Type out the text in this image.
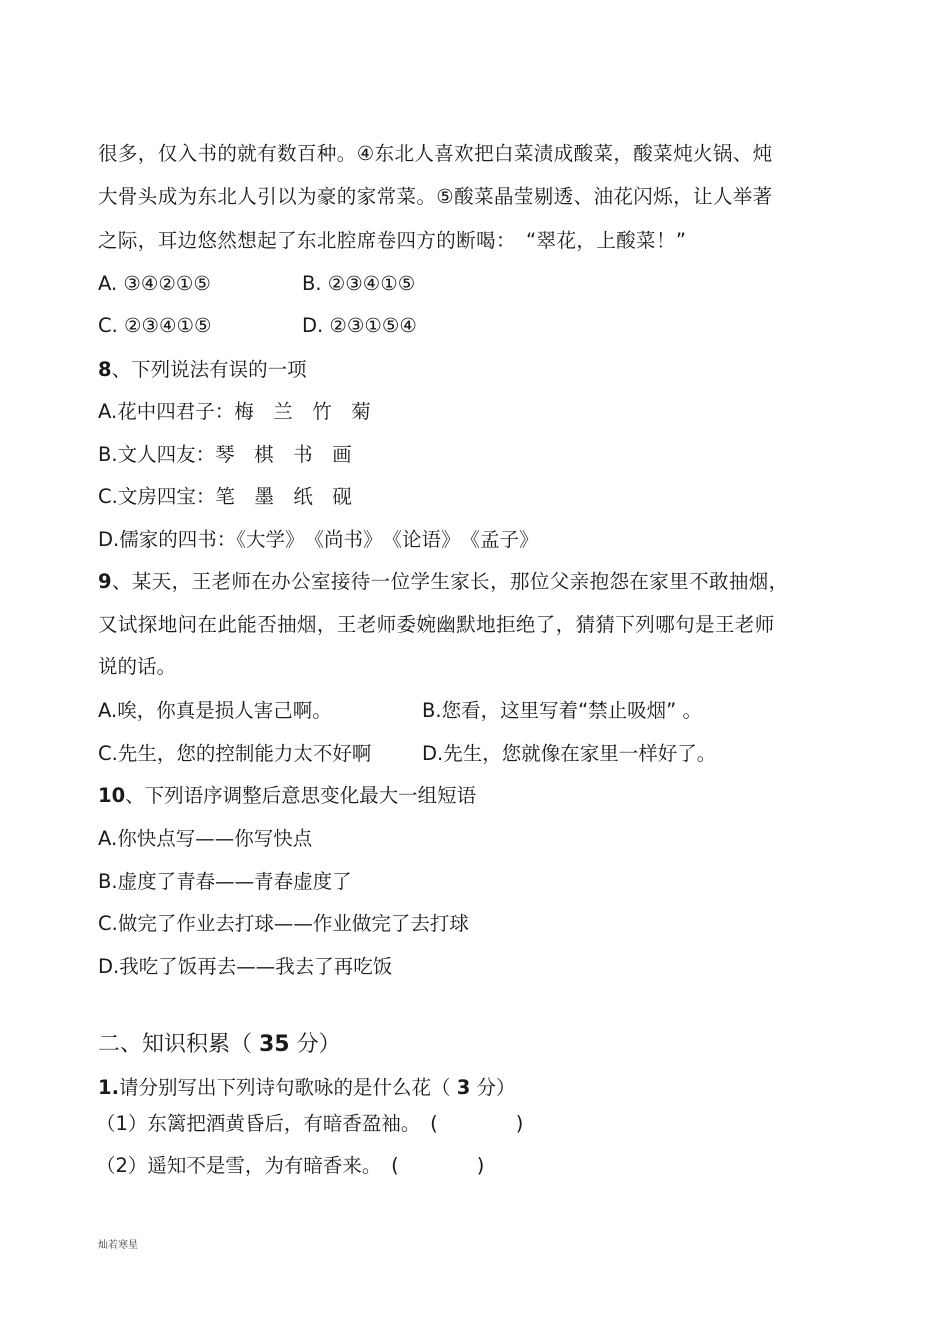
很多，仅入书的就有数百种。④东北人喜欢把白菜渍成酸菜，酸菜炖火锅、炖
大骨头成为东北人引以为豪的家常菜。⑤酸菜晶莹剔透、油花闪烁，让人举著
之际，耳边悠然想起了东北腔席卷四方的断喝：　“翠花，上酸菜！”
A. ③④②①⑤	B. ②③④①⑤
C. ②③④①⑤	D. ②③①⑤④
8、下列说法有误的一项
A.花中四君子：梅　兰　竹　菊
B.文人四友：琴　棋　书　画
C.文房四宝：笔　墨　纸　砚
D.儒家的四书：《大学》　《尚书》　《论语》　《孟子》
9、某天，王老师在办公室接待一位学生家长，那位父亲抱怨在家里不敢抽烟，
又试探地问在此能否抽烟，王老师委婉幽默地拒绝了，猜猜下列哪句是王老师
说的话。
A.唉，你真是损人害己啊。	B.您看，这里写着“禁止吸烟” 。
C.先生，您的控制能力太不好啊	D.先生，您就像在家里一样好了。
10、下列语序调整后意思变化最大一组短语
A.你快点写——你写快点
B.虚度了青春——青春虚度了
C.做完了作业去打球——作业做完了去打球
D.我吃了饭再去——我去了再吃饭
二、知识积累（ 35 分）
1.请分别写出下列诗句歌咏的是什么花（ 3 分）
（1）东篱把酒黄昏后，有暗香盈袖。　(　　　　)
（2）遥知不是雪，为有暗香来。　(　　　　)
灿若寒星
